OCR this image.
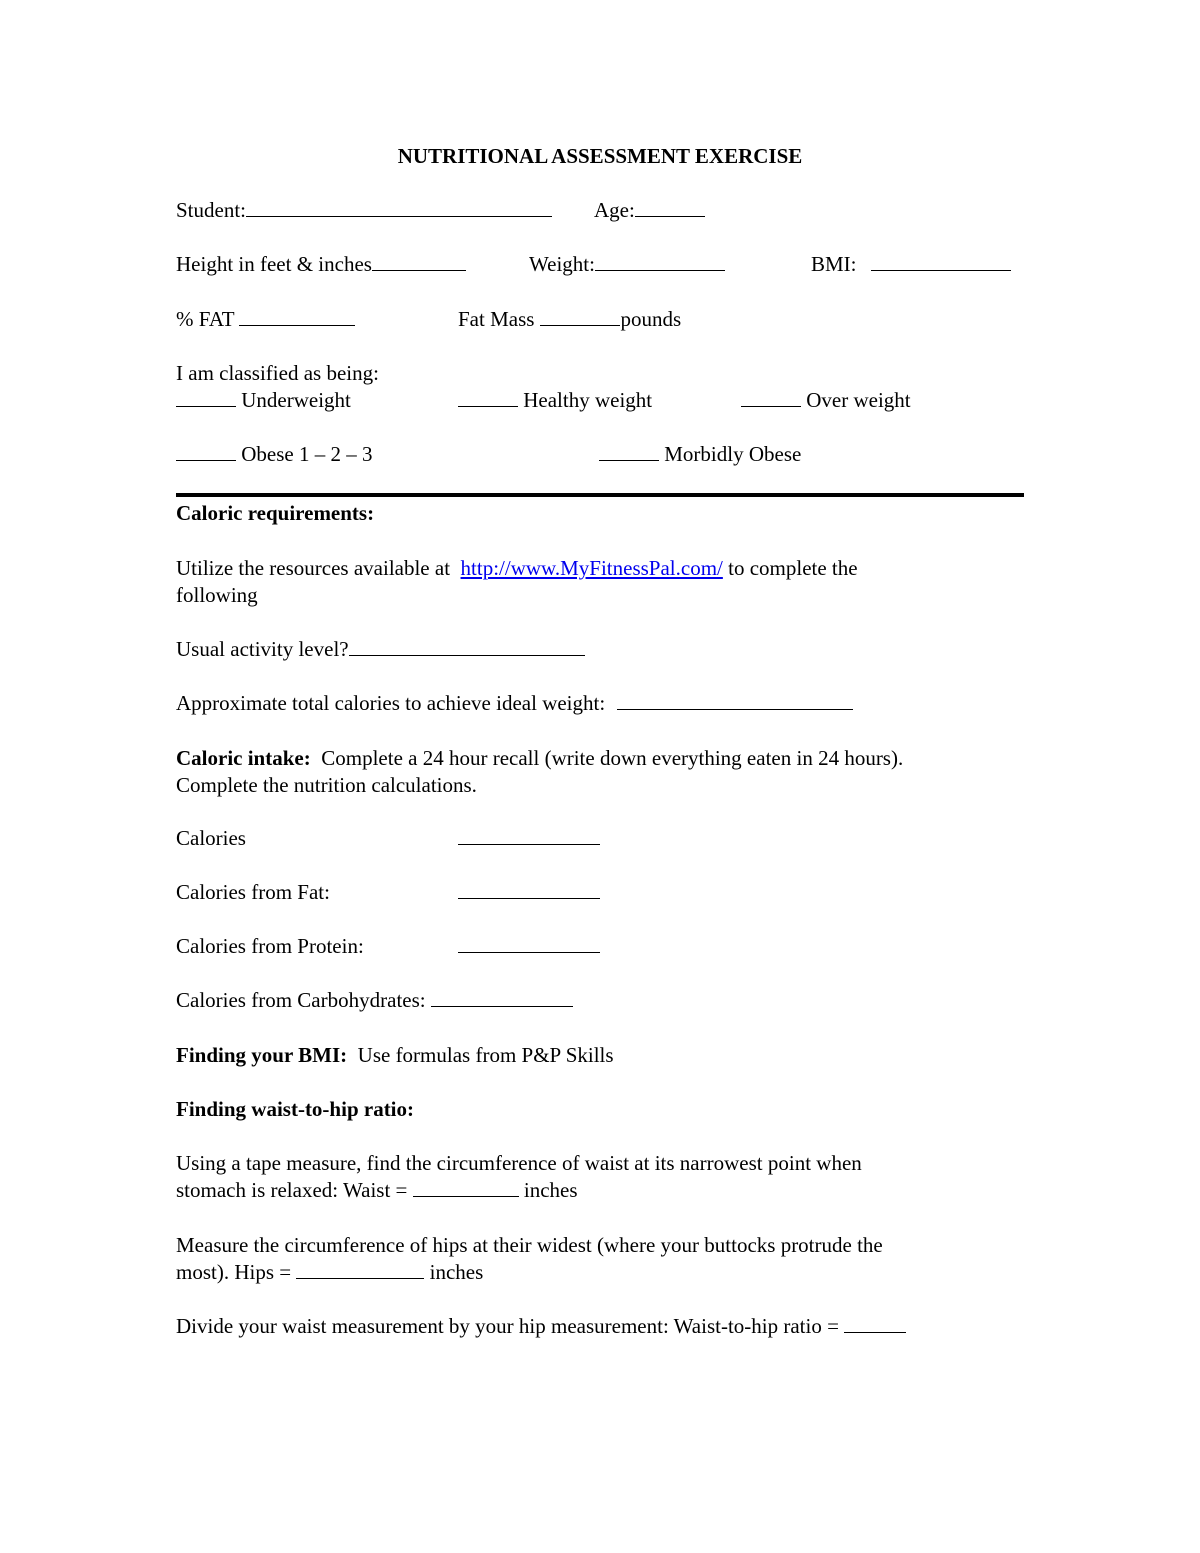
NUTRITIONAL ASSESSMENT EXERCISE
Student:	Age:
Height in feet & inches	Weight:	BMI:
% FAT	Fat Mass	pounds
I am classified as being:
Underweight	Healthy weight	Over weight
Obese 1 – 2 – 3	Morbidly Obese
Caloric requirements:
Utilize the resources available at http://www.MyFitnessPal.com/ to complete the
following
Usual activity level?
Approximate total calories to achieve ideal weight:
Caloric intake: Complete a 24 hour recall (write down everything eaten in 24 hours).
Complete the nutrition calculations.
Calories
Calories from Fat:
Calories from Protein:
Calories from Carbohydrates:
Finding your BMI: Use formulas from P&P Skills
Finding waist-to-hip ratio:
Using a tape measure, find the circumference of waist at its narrowest point when
stomach is relaxed: Waist =	inches
Measure the circumference of hips at their widest (where your buttocks protrude the
most). Hips =	inches
Divide your waist measurement by your hip measurement: Waist-to-hip ratio =
